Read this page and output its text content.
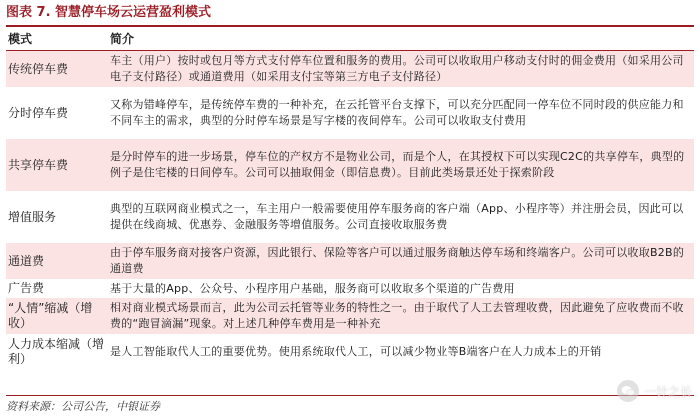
图表 7. 智慧停车场云运营盈利模式
模式	简介
传统停车费
车主（用户）按时或包月等方式支付停车位置和服务的费用。公司可以收取用户移动支付时的佣金费用（如采用公司电子支付路径）或通道费用（如采用支付宝等第三方电子支付路径）
分时停车费
又称为错峰停车，是传统停车费的一种补充，在云托管平台支撑下，可以充分匹配同一停车位不同时段的供应能力和不同车主的需求，典型的分时停车场景是写字楼的夜间停车。公司可以收取支付费用
共享停车费
是分时停车的进一步场景，停车位的产权方不是物业公司，而是个人，在其授权下可以实现C2C的共享停车，典型的例子是住宅楼的日间停车。公司可以抽取佣金（即信息费）。目前此类场景还处于探索阶段
增值服务
典型的互联网商业模式之一，车主用户一般需要使用停车服务商的客户端（App、小程序等）并注册会员，因此可以提供在线商城、优惠券、金融服务等增值服务。公司直接收取服务费
通道费
由于停车服务商对接客户资源，因此银行、保险等客户可以通过服务商触达停车场和终端客户。公司可以收取B2B的通道费
广告费	基于大量的App、公众号、小程序用户基础，服务商可以收取多个渠道的广告费用
“人情”缩减（增收）
相对商业模式场景而言，此为公司云托管等业务的特性之一。由于取代了人工去管理收费，因此避免了应收费而不收费的“跑冒滴漏”现象。对上述几种停车费用是一种补充
人力成本缩减（增利）
是人工智能取代人工的重要优势。使用系统取代人工，可以减少物业等B端客户在人力成本上的开销
资料来源：公司公告，中银证券
一计之长
